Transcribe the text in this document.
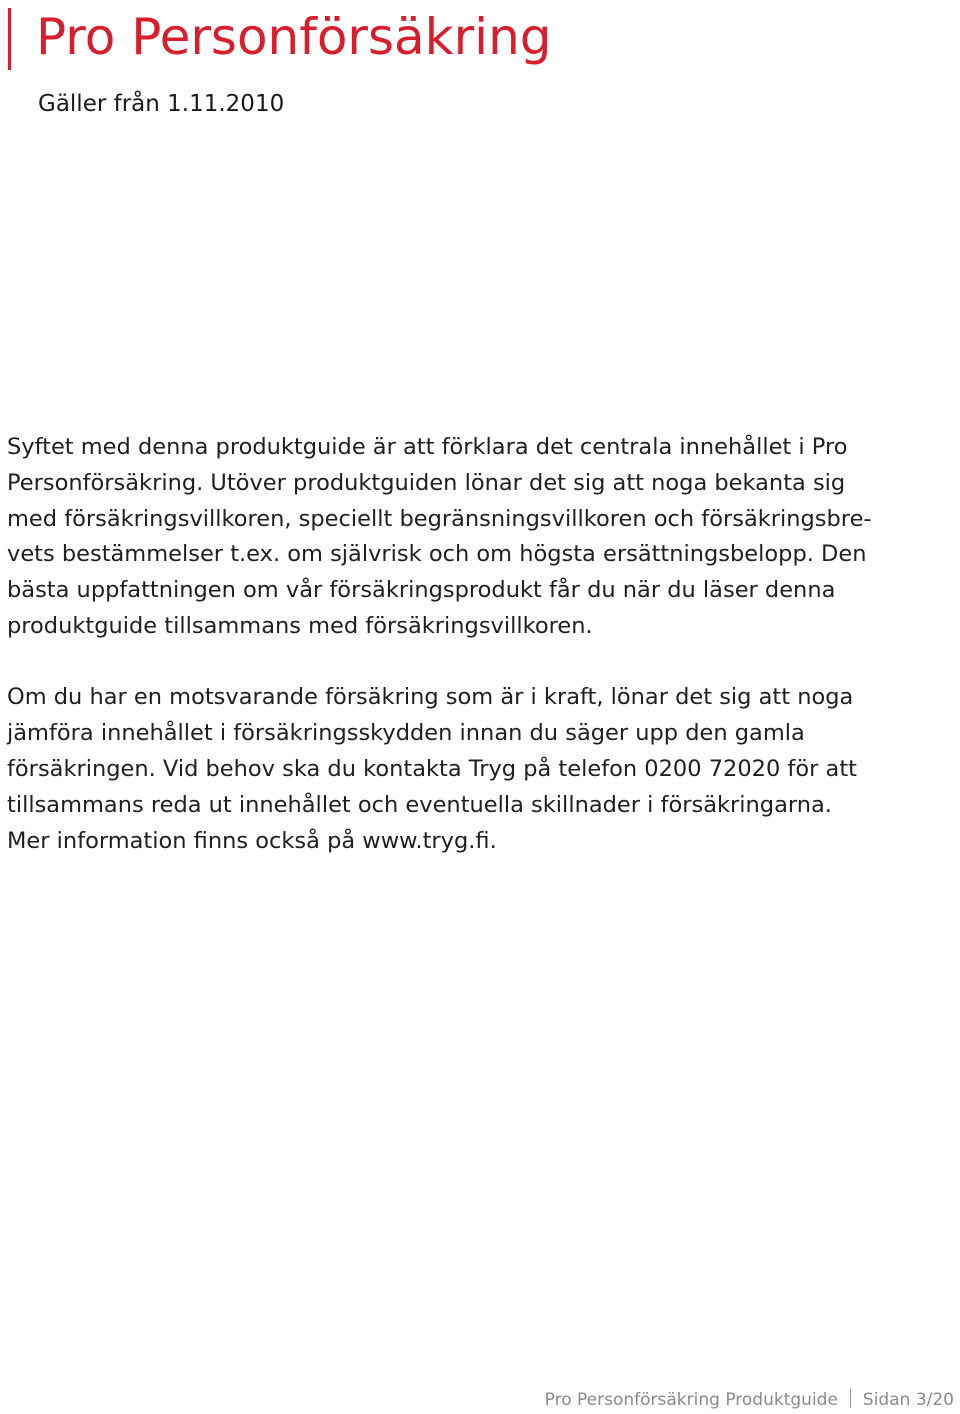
Pro Personförsäkring

Gäller från 1.11.2010

Syftet med denna produktguide är att förklara det centrala innehållet i Pro
Personförsäkring. Utöver produktguiden lönar det sig att noga bekanta sig
med försäkringsvillkoren, speciellt begränsningsvillkoren och försäkringsbre-
vets bestämmelser t.ex. om självrisk och om högsta ersättningsbelopp. Den
bästa uppfattningen om vår försäkringsprodukt får du när du läser denna
produktguide tillsammans med försäkringsvillkoren.

Om du har en motsvarande försäkring som är i kraft, lönar det sig att noga
jämföra innehållet i försäkringsskydden innan du säger upp den gamla
försäkringen. Vid behov ska du kontakta Tryg på telefon 0200 72020 för att
tillsammans reda ut innehållet och eventuella skillnader i försäkringarna.
Mer information finns också på www.tryg.fi.

Pro Personförsäkring Produktguide Sidan 3/20
